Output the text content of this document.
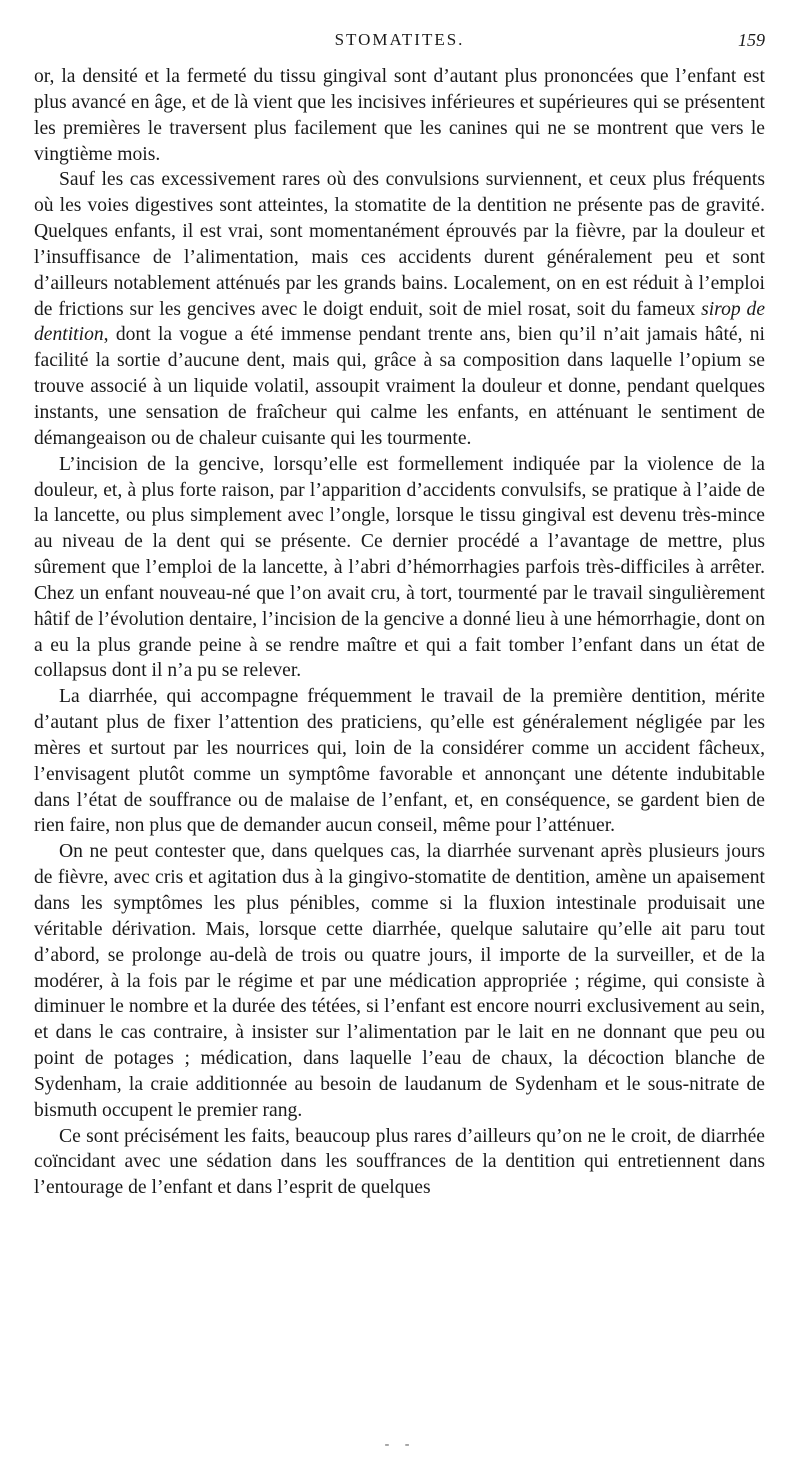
STOMATITES.	159

or, la densité et la fermeté du tissu gingival sont d’autant plus prononcées que l’enfant est plus avancé en âge, et de là vient que les incisives inférieures et supérieures qui se présentent les premières le traversent plus facilement que les canines qui ne se montrent que vers le vingtième mois.

Sauf les cas excessivement rares où des convulsions surviennent, et ceux plus fréquents où les voies digestives sont atteintes, la stomatite de la dentition ne présente pas de gravité. Quelques enfants, il est vrai, sont momentanément éprouvés par la fièvre, par la douleur et l’insuffisance de l’alimentation, mais ces accidents durent généralement peu et sont d’ailleurs notablement atténués par les grands bains. Localement, on en est réduit à l’emploi de frictions sur les gencives avec le doigt enduit, soit de miel rosat, soit du fameux sirop de dentition, dont la vogue a été immense pendant trente ans, bien qu’il n’ait jamais hâté, ni facilité la sortie d’aucune dent, mais qui, grâce à sa composition dans laquelle l’opium se trouve associé à un liquide volatil, assoupit vraiment la douleur et donne, pendant quelques instants, une sensation de fraîcheur qui calme les enfants, en atténuant le sentiment de démangeaison ou de chaleur cuisante qui les tourmente.

L’incision de la gencive, lorsqu’elle est formellement indiquée par la violence de la douleur, et, à plus forte raison, par l’apparition d’accidents convulsifs, se pratique à l’aide de la lancette, ou plus simplement avec l’ongle, lorsque le tissu gingival est devenu très-mince au niveau de la dent qui se présente. Ce dernier procédé a l’avantage de mettre, plus sûrement que l’emploi de la lancette, à l’abri d’hémorrhagies parfois très-difficiles à arrêter. Chez un enfant nouveau-né que l’on avait cru, à tort, tourmenté par le travail singulièrement hâtif de l’évolution dentaire, l’incision de la gencive a donné lieu à une hémorrhagie, dont on a eu la plus grande peine à se rendre maître et qui a fait tomber l’enfant dans un état de collapsus dont il n’a pu se relever.

La diarrhée, qui accompagne fréquemment le travail de la première dentition, mérite d’autant plus de fixer l’attention des praticiens, qu’elle est généralement négligée par les mères et surtout par les nourrices qui, loin de la considérer comme un accident fâcheux, l’envisagent plutôt comme un symptôme favorable et annonçant une détente indubitable dans l’état de souffrance ou de malaise de l’enfant, et, en conséquence, se gardent bien de rien faire, non plus que de demander aucun conseil, même pour l’atténuer.

On ne peut contester que, dans quelques cas, la diarrhée survenant après plusieurs jours de fièvre, avec cris et agitation dus à la gingivo-stomatite de dentition, amène un apaisement dans les symptômes les plus pénibles, comme si la fluxion intestinale produisait une véritable dérivation. Mais, lorsque cette diarrhée, quelque salutaire qu’elle ait paru tout d’abord, se prolonge au-delà de trois ou quatre jours, il importe de la surveiller, et de la modérer, à la fois par le régime et par une médication appropriée ; régime, qui consiste à diminuer le nombre et la durée des tétées, si l’enfant est encore nourri exclusivement au sein, et dans le cas contraire, à insister sur l’alimentation par le lait en ne donnant que peu ou point de potages ; médication, dans laquelle l’eau de chaux, la décoction blanche de Sydenham, la craie additionnée au besoin de laudanum de Sydenham et le sous-nitrate de bismuth occupent le premier rang.

Ce sont précisément les faits, beaucoup plus rares d’ailleurs qu’on ne le croit, de diarrhée coïncidant avec une sédation dans les souffrances de la dentition qui entretiennent dans l’entourage de l’enfant et dans l’esprit de quelques

- -
